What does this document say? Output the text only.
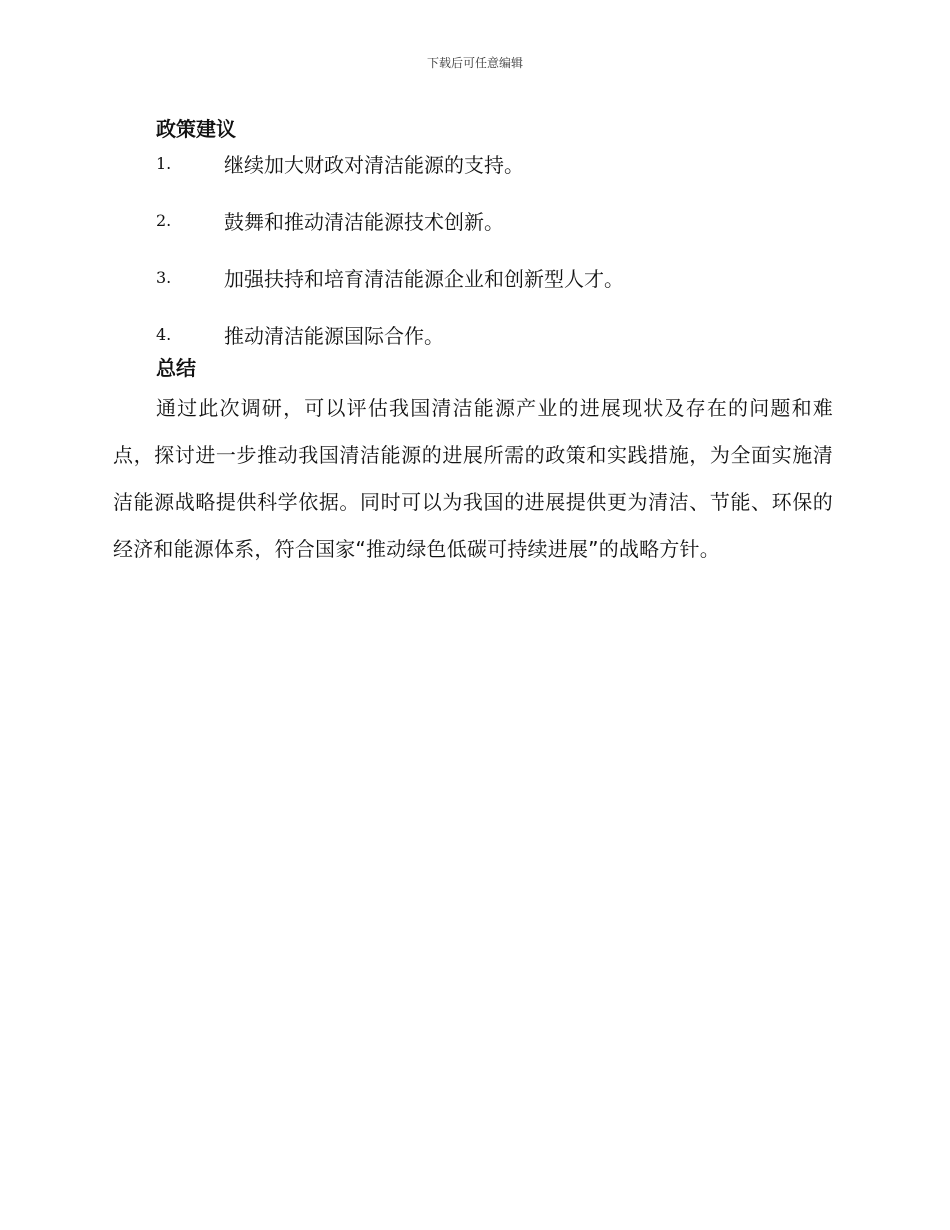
下载后可任意编辑
政策建议
1.	继续加大财政对清洁能源的支持。
2.	鼓舞和推动清洁能源技术创新。
3.	加强扶持和培育清洁能源企业和创新型人才。
4.	推动清洁能源国际合作。
总结

通过此次调研，可以评估我国清洁能源产业的进展现状及存在的问题和难点，探讨进一步推动我国清洁能源的进展所需的政策和实践措施，为全面实施清洁能源战略提供科学依据。同时可以为我国的进展提供更为清洁、节能、环保的经济和能源体系，符合国家“推动绿色低碳可持续进展”的战略方针。
